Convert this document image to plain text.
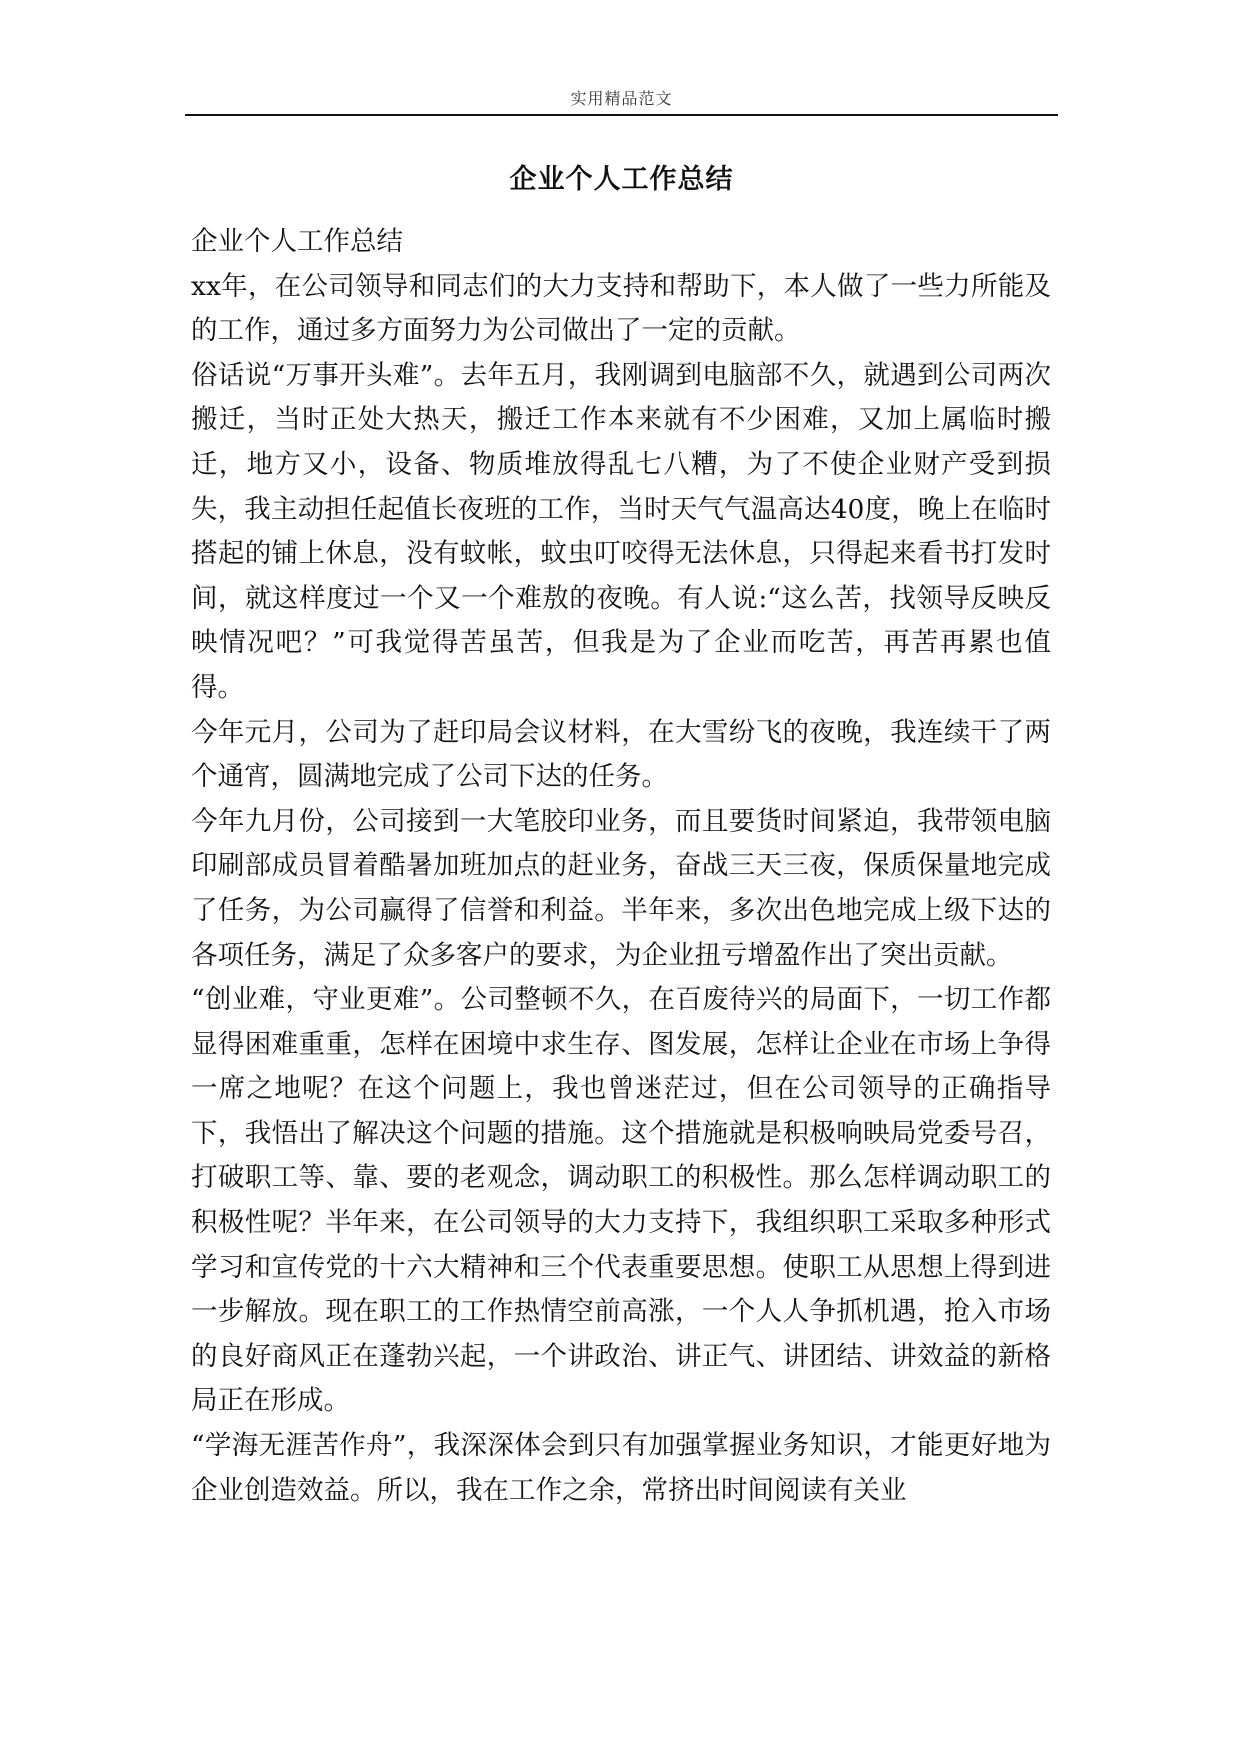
实用精品范文
企业个人工作总结

企业个人工作总结

xx年，在公司领导和同志们的大力支持和帮助下，本人做了一些力所能及的工作，通过多方面努力为公司做出了一定的贡献。

俗话说“万事开头难”。去年五月，我刚调到电脑部不久，就遇到公司两次搬迁，当时正处大热天，搬迁工作本来就有不少困难，又加上属临时搬迁，地方又小，设备、物质堆放得乱七八糟，为了不使企业财产受到损失，我主动担任起值长夜班的工作，当时天气气温高达40度，晚上在临时搭起的铺上休息，没有蚊帐，蚊虫叮咬得无法休息，只得起来看书打发时间，就这样度过一个又一个难敖的夜晚。有人说:“这么苦，找领导反映反映情况吧？”可我觉得苦虽苦，但我是为了企业而吃苦，再苦再累也值得。

今年元月，公司为了赶印局会议材料，在大雪纷飞的夜晚，我连续干了两个通宵，圆满地完成了公司下达的任务。

今年九月份，公司接到一大笔胶印业务，而且要货时间紧迫，我带领电脑印刷部成员冒着酷暑加班加点的赶业务，奋战三天三夜，保质保量地完成了任务，为公司赢得了信誉和利益。半年来，多次出色地完成上级下达的各项任务，满足了众多客户的要求，为企业扭亏增盈作出了突出贡献。

“创业难，守业更难”。公司整顿不久，在百废待兴的局面下，一切工作都显得困难重重，怎样在困境中求生存、图发展，怎样让企业在市场上争得一席之地呢？在这个问题上，我也曾迷茫过，但在公司领导的正确指导下，我悟出了解决这个问题的措施。这个措施就是积极响映局党委号召，打破职工等、靠、要的老观念，调动职工的积极性。那么怎样调动职工的积极性呢？半年来，在公司领导的大力支持下，我组织职工采取多种形式学习和宣传党的十六大精神和三个代表重要思想。使职工从思想上得到进一步解放。现在职工的工作热情空前高涨，一个人人争抓机遇，抢入市场的良好商风正在蓬勃兴起，一个讲政治、讲正气、讲团结、讲效益的新格局正在形成。

“学海无涯苦作舟”，我深深体会到只有加强掌握业务知识，才能更好地为企业创造效益。所以，我在工作之余，常挤出时间阅读有关业
